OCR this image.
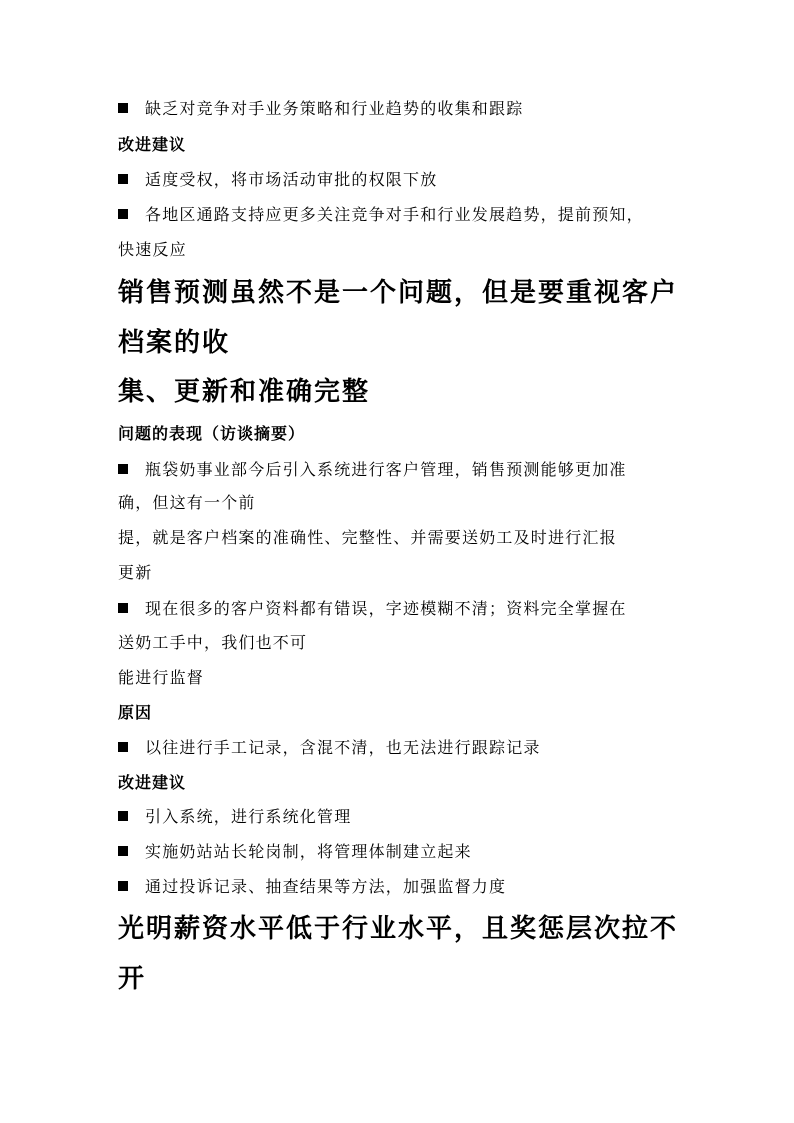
缺乏对竞争对手业务策略和行业趋势的收集和跟踪
改进建议
适度受权，将市场活动审批的权限下放
各地区通路支持应更多关注竞争对手和行业发展趋势，提前预知，
快速反应
销售预测虽然不是一个问题，但是要重视客户
档案的收
集、更新和准确完整
问题的表现（访谈摘要）
瓶袋奶事业部今后引入系统进行客户管理，销售预测能够更加准
确，但这有一个前
提，就是客户档案的准确性、完整性、并需要送奶工及时进行汇报
更新
现在很多的客户资料都有错误，字迹模糊不清；资料完全掌握在
送奶工手中，我们也不可
能进行监督
原因
以往进行手工记录，含混不清，也无法进行跟踪记录
改进建议
引入系统，进行系统化管理
实施奶站站长轮岗制，将管理体制建立起来
通过投诉记录、抽查结果等方法，加强监督力度
光明薪资水平低于行业水平，且奖惩层次拉不
开
